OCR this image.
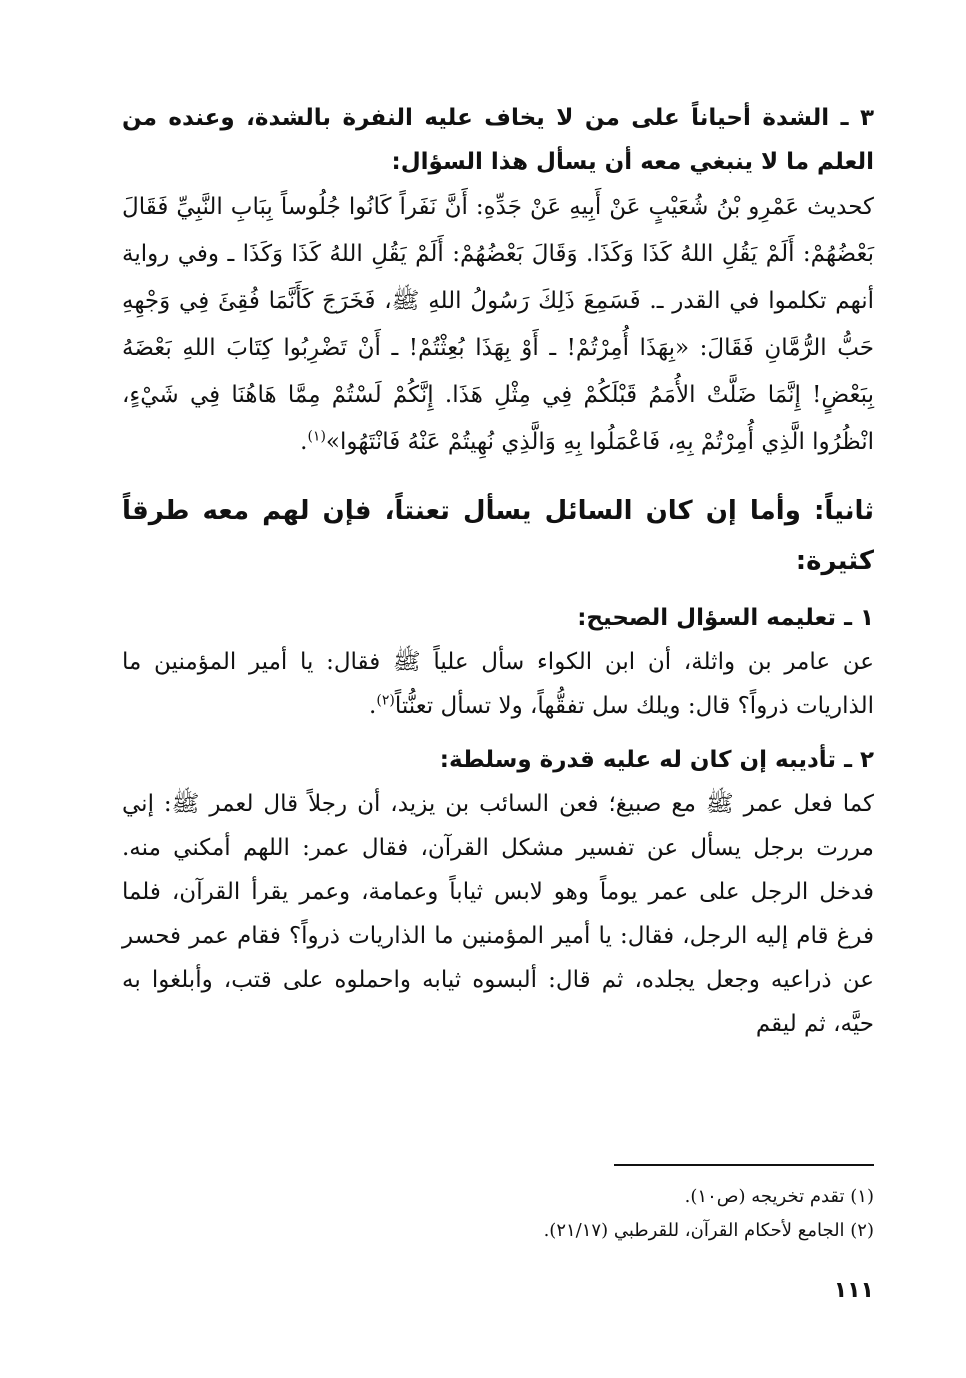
٣ ـ الشدة أحياناً على من لا يخاف عليه النفرة بالشدة، وعنده من العلم ما لا ينبغي معه أن يسأل هذا السؤال:

كحديث عَمْرِو بْنُ شُعَيْبٍ عَنْ أَبِيهِ عَنْ جَدِّهِ: أَنَّ نَفَراً كَانُوا جُلُوساً بِبَابِ النَّبِيِّ فَقَالَ بَعْضُهُمْ: أَلَمْ يَقُلِ اللهُ كَذَا وَكَذَا. وَقَالَ بَعْضُهُمْ: أَلَمْ يَقُلِ اللهُ كَذَا وَكَذَا ـ وفي رواية أنهم تكلموا في القدر ـ. فَسَمِعَ ذَلِكَ رَسُولُ اللهِ ﷺ، فَخَرَجَ كَأَنَّمَا فُقِئَ فِي وَجْهِهِ حَبُّ الرُّمَّانِ فَقَالَ: «بِهَذَا أُمِرْتُمْ! ـ أَوْ بِهَذَا بُعِثْتُمْ! ـ أَنْ تَضْرِبُوا كِتَابَ اللهِ بَعْضَهُ بِبَعْضٍ! إِنَّمَا ضَلَّتْ الأُمَمُ قَبْلَكُمْ فِي مِثْلِ هَذَا. إِنَّكُمْ لَسْتُمْ مِمَّا هَاهُنَا فِي شَيْءٍ، انْظُرُوا الَّذِي أُمِرْتُمْ بِهِ، فَاعْمَلُوا بِهِ وَالَّذِي نُهِيتُمْ عَنْهُ فَانْتَهُوا»$^{(١)}$.

ثانياً: وأما إن كان السائل يسأل تعنتاً، فإن لهم معه طرقاً كثيرة:

١ ـ تعليمه السؤال الصحيح:

عن عامر بن واثلة، أن ابن الكواء سأل علياً ﷺ فقال: يا أمير المؤمنين ما الذاريات ذرواً؟ قال: ويلك سل تفقُّهاً، ولا تسأل تعنُّتاً$^{(٢)}$.

٢ ـ تأديبه إن كان له عليه قدرة وسلطة:

كما فعل عمر ﷺ مع صبيغ؛ فعن السائب بن يزيد، أن رجلاً قال لعمر ﷺ: إني مررت برجل يسأل عن تفسير مشكل القرآن، فقال عمر: اللهم أمكني منه. فدخل الرجل على عمر يوماً وهو لابس ثياباً وعمامة، وعمر يقرأ القرآن، فلما فرغ قام إليه الرجل، فقال: يا أمير المؤمنين ما الذاريات ذرواً؟ فقام عمر فحسر عن ذراعيه وجعل يجلده، ثم قال: ألبسوه ثيابه واحملوه على قتب، وأبلغوا به حيَّه، ثم ليقم

(١) تقدم تخريجه (ص١٠).

(٢) الجامع لأحكام القرآن، للقرطبي (٢١/١٧).

١١١
